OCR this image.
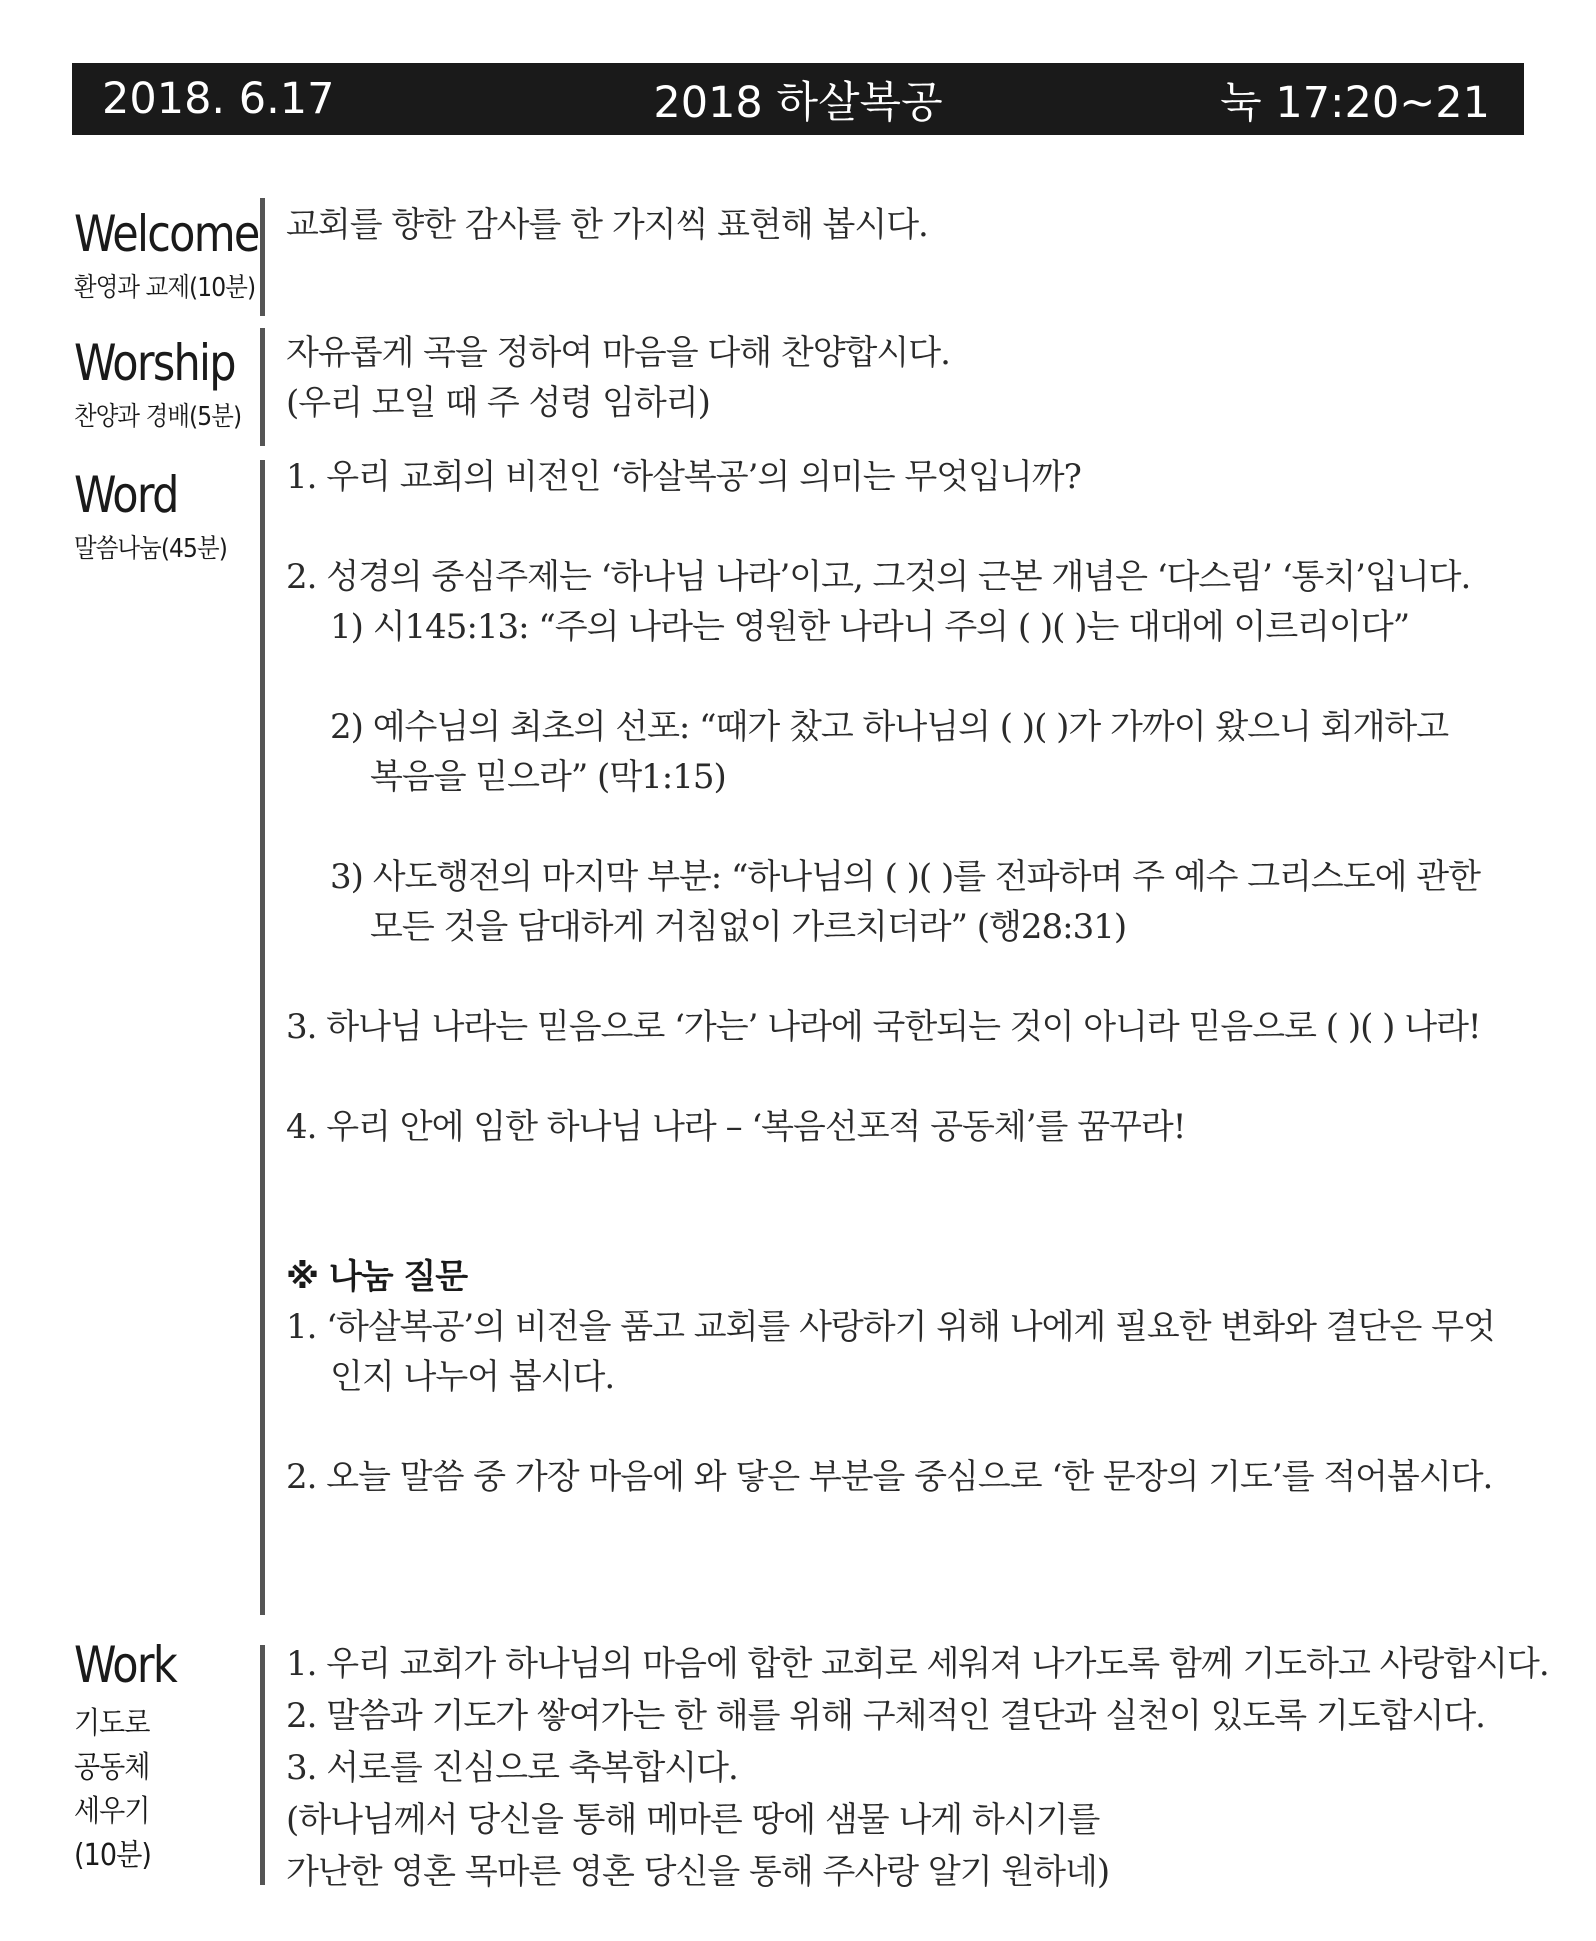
2018. 6.17	2018 하살복공	눅 17:20~21
Welcome
환영과 교제(10분)

교회를 향한 감사를 한 가지씩 표현해 봅시다.

Worship
찬양과 경배(5분)

자유롭게 곡을 정하여 마음을 다해 찬양합시다.

(우리 모일 때 주 성령 임하리)

Word
말씀나눔(45분)

1. 우리 교회의 비전인 ‘하살복공’의 의미는 무엇입니까?

2. 성경의 중심주제는 ‘하나님 나라’이고, 그것의 근본 개념은 ‘다스림’ ‘통치’입니다.

1) 시145:13: “주의 나라는 영원한 나라니 주의 ( )( )는 대대에 이르리이다”

2) 예수님의 최초의 선포: “때가 찼고 하나님의 ( )( )가 가까이 왔으니 회개하고

복음을 믿으라” (막1:15)

3) 사도행전의 마지막 부분: “하나님의 ( )( )를 전파하며 주 예수 그리스도에 관한

모든 것을 담대하게 거침없이 가르치더라” (행28:31)

3. 하나님 나라는 믿음으로 ‘가는’ 나라에 국한되는 것이 아니라 믿음으로 ( )( ) 나라!

4. 우리 안에 임한 하나님 나라 – ‘복음선포적 공동체’를 꿈꾸라!

※ 나눔 질문

1. ‘하살복공’의 비전을 품고 교회를 사랑하기 위해 나에게 필요한 변화와 결단은 무엇

인지 나누어 봅시다.

2. 오늘 말씀 중 가장 마음에 와 닿은 부분을 중심으로 ‘한 문장의 기도’를 적어봅시다.

Work
기도로
공동체
세우기
(10분)

1. 우리 교회가 하나님의 마음에 합한 교회로 세워져 나가도록 함께 기도하고 사랑합시다.

2. 말씀과 기도가 쌓여가는 한 해를 위해 구체적인 결단과 실천이 있도록 기도합시다.

3. 서로를 진심으로 축복합시다.

(하나님께서 당신을 통해 메마른 땅에 샘물 나게 하시기를

가난한 영혼 목마른 영혼 당신을 통해 주사랑 알기 원하네)
